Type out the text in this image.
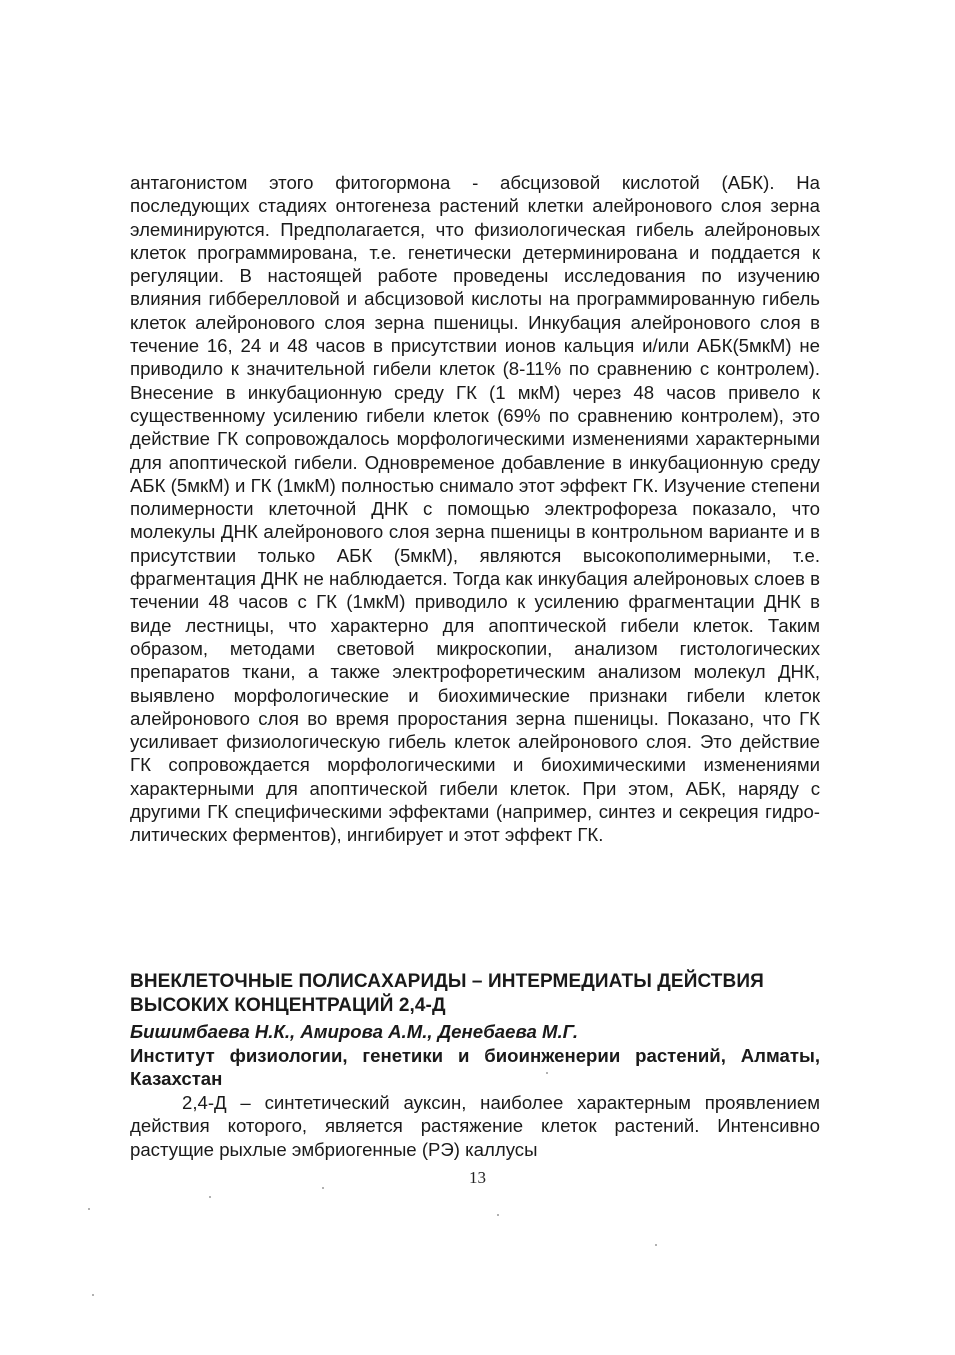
антагонистом этого фитогормона - абсцизовой кислотой (АБК). На последующих стадиях онтогенеза растений клетки алейронового слоя зерна элеминируются. Предполагается, что физиологическая гибель алейроновых клеток программирована, т.е. генетически детерминирована и поддается к регуляции. В настоящей работе проведены исследования по изучению влияния гибберелловой и абсцизовой кислоты на программированную гибель клеток алейронового слоя зерна пшеницы. Инкубация алейронового слоя в течение 16, 24 и 48 часов в присутствии ионов кальция и/или АБК(5мкМ) не приводило к значительной гибели клеток (8-11% по сравнению с контролем). Внесение в инкубационную среду ГК (1 мкМ) через 48 часов привело к существенному усилению гибели клеток (69% по сравнению контролем), это действие ГК сопровождалось морфологическими изменениями характерными для апоптической гибели. Одновременое добавление в инкубационную среду АБК (5мкМ) и ГК (1мкМ) полностью снимало этот эффект ГК. Изучение степени полимерности клеточной ДНК с помощью электрофореза показало, что молекулы ДНК алейронового слоя зерна пшеницы в контрольном варианте и в присутствии только АБК (5мкМ), являются высокополимерными, т.е. фрагментация ДНК не наблюдается. Тогда как инкубация алейроновых слоев в течении 48 часов с ГК (1мкМ) приводило к усилению фрагментации ДНК в виде лестницы, что характерно для апоптической гибели клеток. Таким образом, методами световой микроскопии, анализом гистологических препаратов ткани, а также электрофоретическим анализом молекул ДНК, выявлено морфологические и биохимические признаки гибели клеток алейронового слоя во время проростания зерна пшеницы. Показано, что ГК усиливает физиологическую гибель клеток алейронового слоя. Это действие ГК сопровождается морфологическими и биохимическими изменениями характерными для апоптической гибели клеток. При этом, АБК, наряду с другими ГК специфическими эффектами (например, синтез и секреция гидро-литических ферментов), ингибирует и этот эффект ГК.

ВНЕКЛЕТОЧНЫЕ ПОЛИСАХАРИДЫ – ИНТЕРМЕДИАТЫ ДЕЙСТВИЯ ВЫСОКИХ КОНЦЕНТРАЦИЙ 2,4-Д

Бишимбаева Н.К., Амирова А.М., Денебаева М.Г.

Институт физиологии, генетики и биоинженерии растений, Алматы, Казахстан

2,4-Д – синтетический ауксин, наиболее характерным проявлением действия которого, является растяжение клеток растений. Интенсивно растущие рыхлые эмбриогенные (РЭ) каллусы

13
